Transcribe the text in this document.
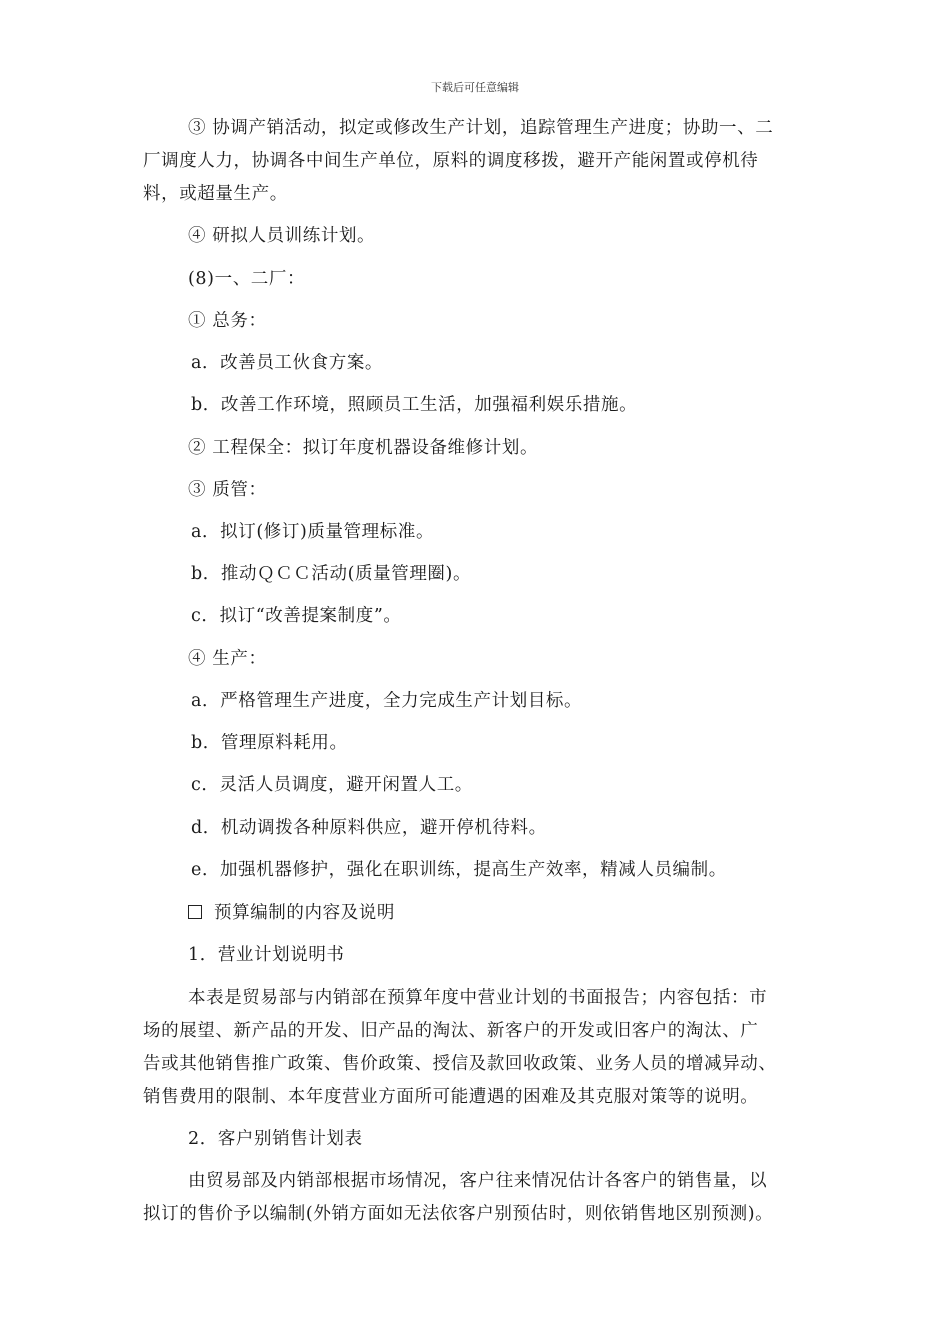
下载后可任意编辑
③ 协调产销活动，拟定或修改生产计划，追踪管理生产进度；协助一、二
厂调度人力，协调各中间生产单位，原料的调度移拨，避开产能闲置或停机待
料，或超量生产。
④ 研拟人员训练计划。
(8)一、二厂：
① 总务：
a．改善员工伙食方案。
b．改善工作环境，照顾员工生活，加强福利娱乐措施。
② 工程保全：拟订年度机器设备维修计划。
③ 质管：
a．拟订(修订)质量管理标准。
b．推动ＱＣＣ活动(质量管理圈)。
c．拟订“改善提案制度”。
④ 生产：
a．严格管理生产进度，全力完成生产计划目标。
b．管理原料耗用。
c．灵活人员调度，避开闲置人工。
d．机动调拨各种原料供应，避开停机待料。
e．加强机器修护，强化在职训练，提高生产效率，精减人员编制。
预算编制的内容及说明
1．营业计划说明书
本表是贸易部与内销部在预算年度中营业计划的书面报告；内容包括：市
场的展望、新产品的开发、旧产品的淘汰、新客户的开发或旧客户的淘汰、广
告或其他销售推广政策、售价政策、授信及款回收政策、业务人员的增减异动、
销售费用的限制、本年度营业方面所可能遭遇的困难及其克服对策等的说明。
2．客户别销售计划表
由贸易部及内销部根据市场情况，客户往来情况估计各客户的销售量，以
拟订的售价予以编制(外销方面如无法依客户别预估时，则依销售地区别预测)。
